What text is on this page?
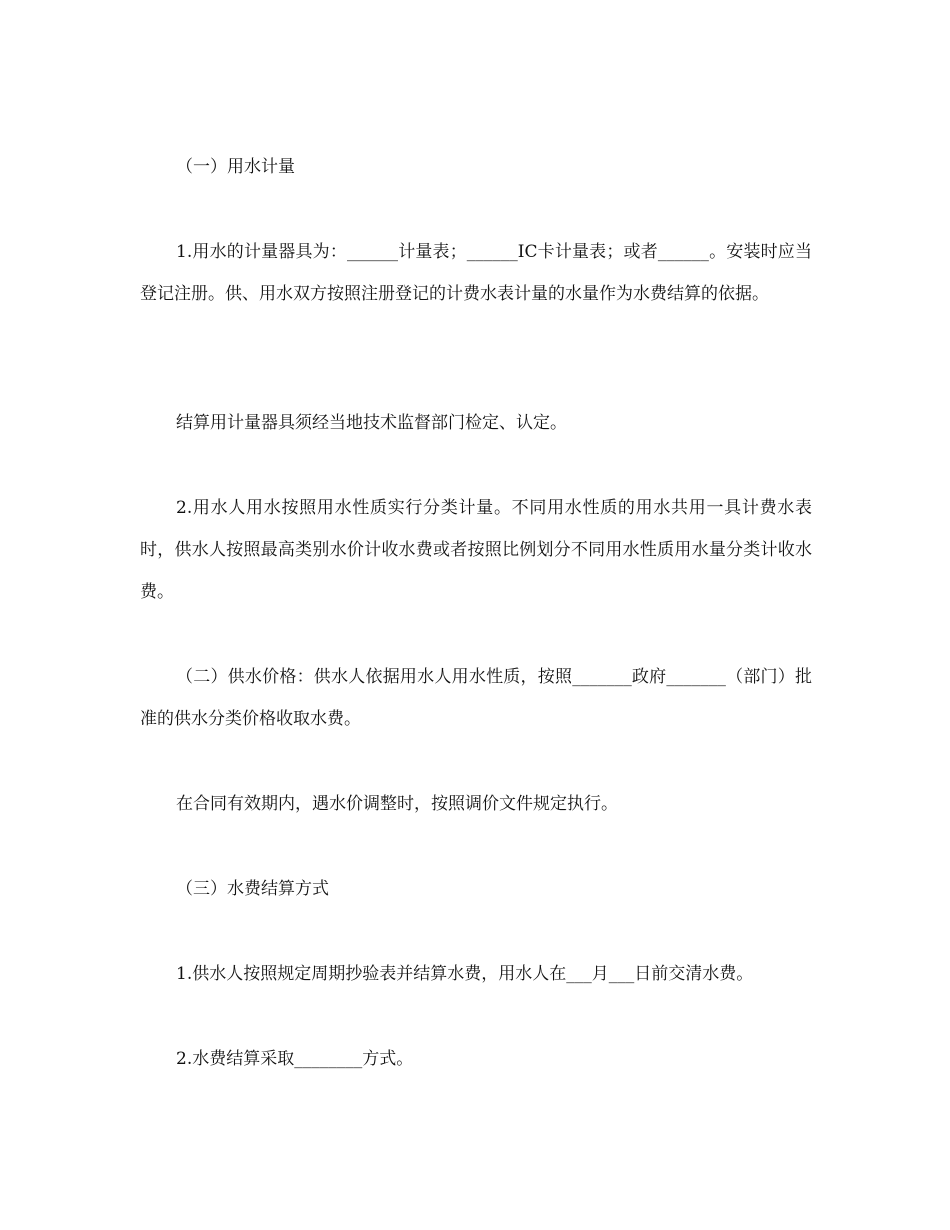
（一）用水计量

1.用水的计量器具为：______计量表；______IC卡计量表；或者______。安装时应当登记注册。供、用水双方按照注册登记的计费水表计量的水量作为水费结算的依据。

结算用计量器具须经当地技术监督部门检定、认定。

2.用水人用水按照用水性质实行分类计量。不同用水性质的用水共用一具计费水表时，供水人按照最高类别水价计收水费或者按照比例划分不同用水性质用水量分类计收水费。

（二）供水价格：供水人依据用水人用水性质，按照_______政府_______（部门）批准的供水分类价格收取水费。

在合同有效期内，遇水价调整时，按照调价文件规定执行。

（三）水费结算方式

1.供水人按照规定周期抄验表并结算水费，用水人在___月___日前交清水费。

2.水费结算采取________方式。
